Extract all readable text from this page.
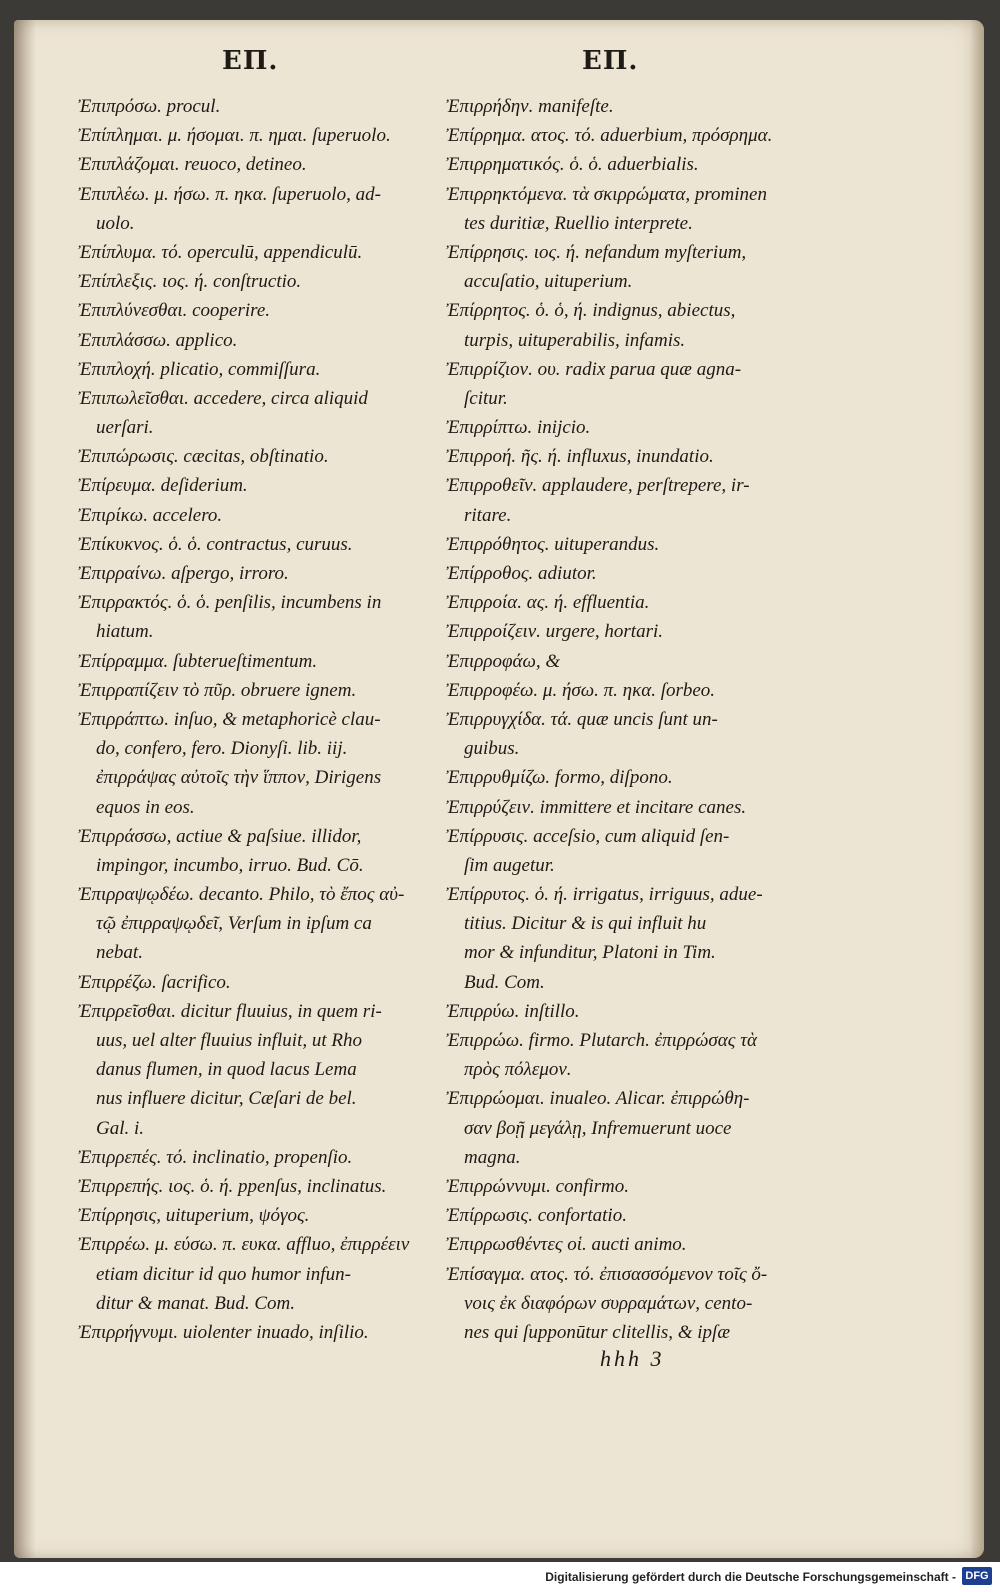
ΕΠ.	ΕΠ.
Ἐπιπρόσω. procul.
Ἐπίπλημαι. μ. ήσομαι. π. ημαι. ſuperuolo.
Ἐπιπλάζομαι. reuoco, detineo.
Ἐπιπλέω. μ. ήσω. π. ηκα. ſuperuolo, ad-
uolo.
Ἐπίπλυμα. τό. operculū, appendiculū.
Ἐπίπλεξις. ιος. ή. conſtructio.
Ἐπιπλύνεσθαι. cooperire.
Ἐπιπλάσσω. applico.
Ἐπιπλοχή. plicatio, commiſſura.
Ἐπιπωλεῖσθαι. accedere, circa aliquid
uerſari.
Ἐπιπώρωσις. cæcitas, obſtinatio.
Ἐπίρευμα. deſiderium.
Ἐπιρίκω. accelero.
Ἐπίκυκνος. ὁ. ὁ. contractus, curuus.
Ἐπιρραίνω. aſpergo, irroro.
Ἐπιρρακτός. ὁ. ὁ. penſilis, incumbens in
hiatum.
Ἐπίρραμμα. ſubterueſtimentum.
Ἐπιρραπίζειν τὸ πῦρ. obruere ignem.
Ἐπιρράπτω. inſuo, & metaphoricè clau-
do, confero, fero. Dionyſi. lib. iij.
ἐπιρράψας αὐτοῖς τὴν ἵππον, Dirigens
equos in eos.
Ἐπιρράσσω, actiue & paſsiue. illidor,
impingor, incumbo, irruo. Bud. Cō.
Ἐπιρραψῳδέω. decanto. Philo, τὸ ἔπος αὐ-
τῷ ἐπιρραψῳδεῖ, Verſum in ipſum ca
nebat.
Ἐπιρρέζω. ſacrifico.
Ἐπιρρεῖσθαι. dicitur fluuius, in quem ri-
uus, uel alter fluuius influit, ut Rho
danus flumen, in quod lacus Lema
nus influere dicitur, Cæſari de bel.
Gal. i.
Ἐπιρρεπές. τό. inclinatio, propenſio.
Ἐπιρρεπής. ιος. ὁ. ή. ppenſus, inclinatus.
Ἐπίρρησις, uituperium, ψόγος.
Ἐπιρρέω. μ. εύσω. π. ευκα. affluo, ἐπιρρέειν
etiam dicitur id quo humor infun-
ditur & manat. Bud. Com.
Ἐπιρρήγνυμι. uiolenter inuado, inſilio.
Ἐπιρρήδην. manifeſte.
Ἐπίρρημα. ατος. τό. aduerbium, πρόσρημα.
Ἐπιρρηματικός. ὁ. ὁ. aduerbialis.
Ἐπιρρηκτόμενα. τὰ σκιρρώματα, prominen
tes duritiæ, Ruellio interprete.
Ἐπίρρησις. ιος. ή. nefandum myſterium,
accuſatio, uituperium.
Ἐπίρρητος. ὁ. ὁ, ή. indignus, abiectus,
turpis, uituperabilis, infamis.
Ἐπιρρίζιον. ου. radix parua quæ agna-
ſcitur.
Ἐπιρρίπτω. inijcio.
Ἐπιρροή. ῆς. ή. influxus, inundatio.
Ἐπιρροθεῖν. applaudere, perſtrepere, ir-
ritare.
Ἐπιρρόθητος. uituperandus.
Ἐπίρροθος. adiutor.
Ἐπιρροία. ας. ή. effluentia.
Ἐπιρροίζειν. urgere, hortari.
Ἐπιρροφάω, &
Ἐπιρροφέω. μ. ήσω. π. ηκα. ſorbeo.
Ἐπιρρυγχίδα. τά. quæ uncis ſunt un-
guibus.
Ἐπιρρυθμίζω. formo, diſpono.
Ἐπιρρύζειν. immittere et incitare canes.
Ἐπίρρυσις. acceſsio, cum aliquid ſen-
ſim augetur.
Ἐπίρρυτος. ὁ. ή. irrigatus, irriguus, adue-
titius. Dicitur & is qui influit hu
mor & infunditur, Platoni in Tim.
Bud. Com.
Ἐπιρρύω. inſtillo.
Ἐπιρρώω. firmo. Plutarch. ἐπιρρώσας τὰ
πρὸς πόλεμον.
Ἐπιρρώομαι. inualeo. Alicar. ἐπιρρώθη-
σαν βοῇ μεγάλῃ, Infremuerunt uoce
magna.
Ἐπιρρώννυμι. confirmo.
Ἐπίρρωσις. confortatio.
Ἐπιρρωσθέντες οἱ. aucti animo.
Ἐπίσαγμα. ατος. τό. ἐπισασσόμενον τοῖς ὄ-
νοις ἐκ διαφόρων συρραμάτων, cento-
nes qui ſupponūtur clitellis, & ipſæ
hhh 3
Digitalisierung gefördert durch die Deutsche Forschungsgemeinschaft - DFG
